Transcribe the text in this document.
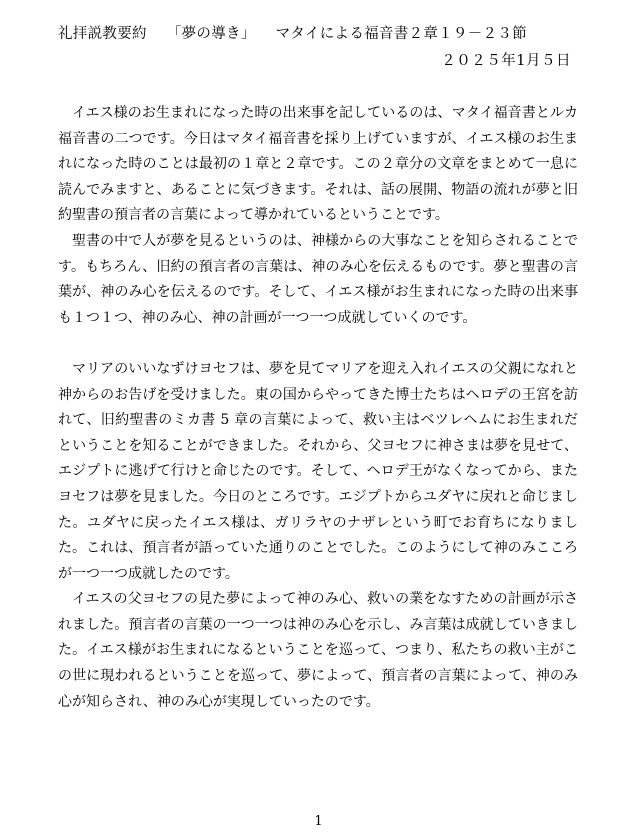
礼拝説教要約 「夢の導き」 マタイによる福音書２章１９－２３節
２０２５年1月５日

イエス様のお生まれになった時の出来事を記しているのは、マタイ福音書とルカ福音書の二つです。今日はマタイ福音書を採り上げていますが、イエス様のお生まれになった時のことは最初の１章と２章です。この２章分の文章をまとめて一息に読んでみますと、あることに気づきます。それは、話の展開、物語の流れが夢と旧約聖書の預言者の言葉によって導かれているということです。

聖書の中で人が夢を見るというのは、神様からの大事なことを知らされることです。もちろん、旧約の預言者の言葉は、神のみ心を伝えるものです。夢と聖書の言葉が、神のみ心を伝えるのです。そして、イエス様がお生まれになった時の出来事も１つ１つ、神のみ心、神の計画が一つ一つ成就していくのです。

マリアのいいなずけヨセフは、夢を見てマリアを迎え入れイエスの父親になれと神からのお告げを受けました。東の国からやってきた博士たちはヘロデの王宮を訪れて、旧約聖書のミカ書 5 章の言葉によって、救い主はベツレヘムにお生まれだということを知ることができました。それから、父ヨセフに神さまは夢を見せて、エジプトに逃げて行けと命じたのです。そして、ヘロデ王がなくなってから、またヨセフは夢を見ました。今日のところです。エジプトからユダヤに戻れと命じました。ユダヤに戻ったイエス様は、ガリラヤのナザレという町でお育ちになりました。これは、預言者が語っていた通りのことでした。このようにして神のみこころが一つ一つ成就したのです。

イエスの父ヨセフの見た夢によって神のみ心、救いの業をなすための計画が示されました。預言者の言葉の一つ一つは神のみ心を示し、み言葉は成就していきました。イエス様がお生まれになるということを巡って、つまり、私たちの救い主がこの世に現われるということを巡って、夢によって、預言者の言葉によって、神のみ心が知らされ、神のみ心が実現していったのです。

1
